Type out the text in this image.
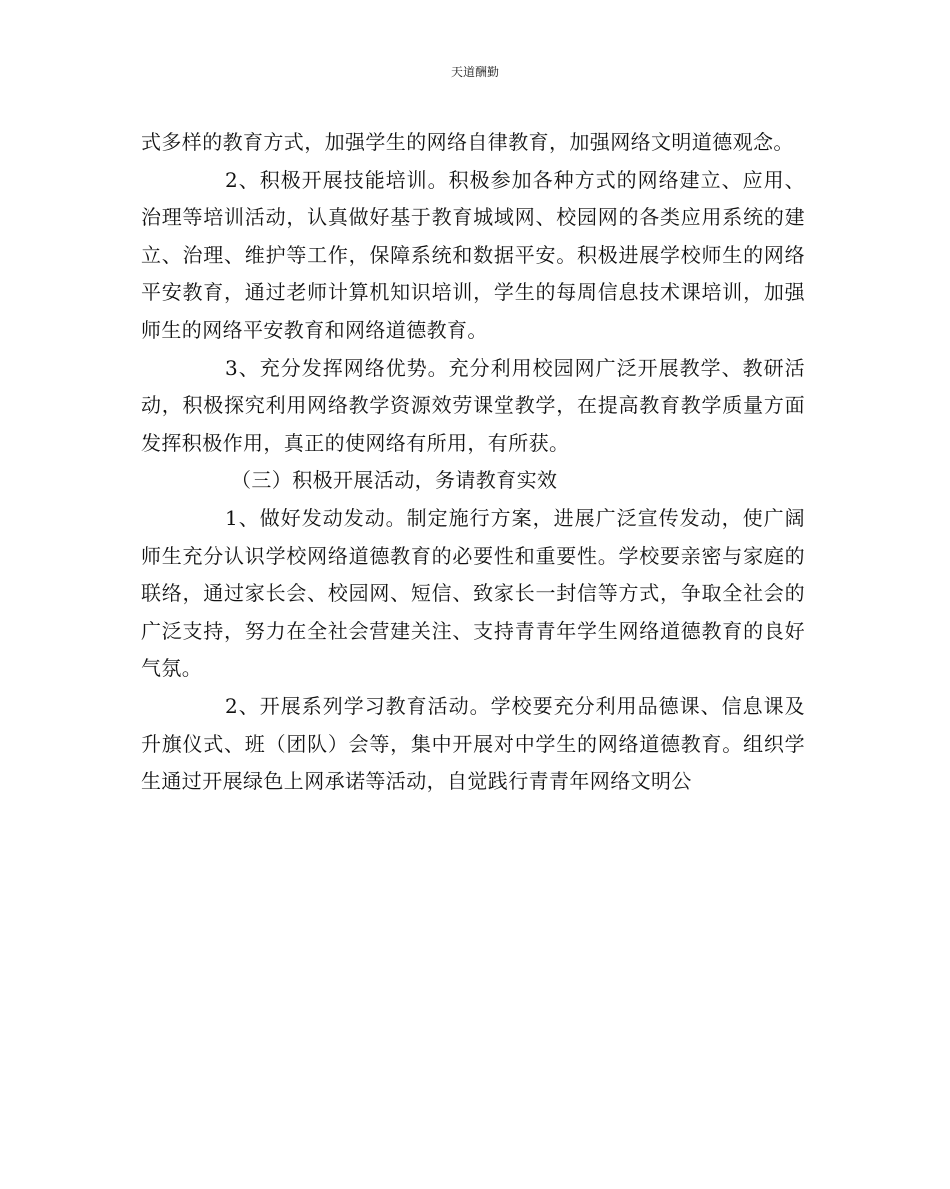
天道酬勤

式多样的教育方式，加强学生的网络自律教育，加强网络文明道德观念。

2、积极开展技能培训。积极参加各种方式的网络建立、应用、治理等培训活动，认真做好基于教育城域网、校园网的各类应用系统的建立、治理、维护等工作，保障系统和数据平安。积极进展学校师生的网络平安教育，通过老师计算机知识培训，学生的每周信息技术课培训，加强师生的网络平安教育和网络道德教育。

3、充分发挥网络优势。充分利用校园网广泛开展教学、教研活动，积极探究利用网络教学资源效劳课堂教学，在提高教育教学质量方面发挥积极作用，真正的使网络有所用，有所获。

（三）积极开展活动，务请教育实效

1、做好发动发动。制定施行方案，进展广泛宣传发动，使广阔师生充分认识学校网络道德教育的必要性和重要性。学校要亲密与家庭的联络，通过家长会、校园网、短信、致家长一封信等方式，争取全社会的广泛支持，努力在全社会营建关注、支持青青年学生网络道德教育的良好气氛。

2、开展系列学习教育活动。学校要充分利用品德课、信息课及升旗仪式、班（团队）会等，集中开展对中学生的网络道德教育。组织学生通过开展绿色上网承诺等活动，自觉践行青青年网络文明公
